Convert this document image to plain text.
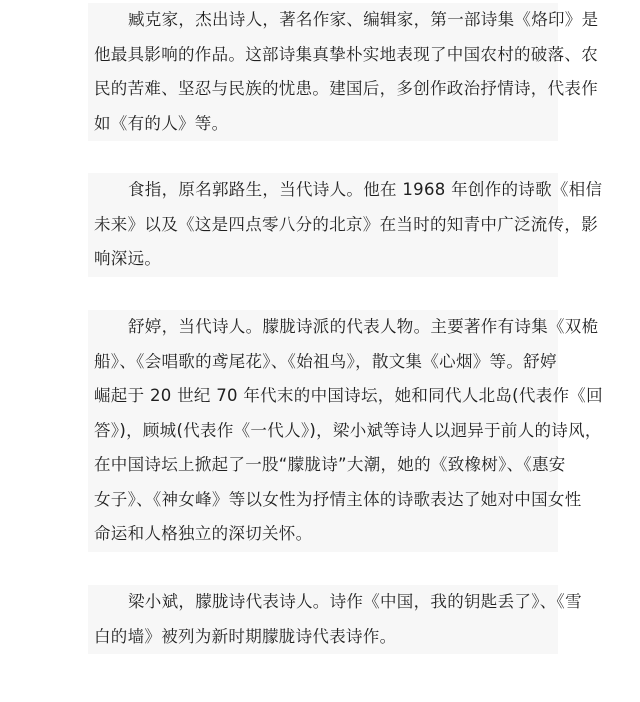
臧克家，杰出诗人，著名作家、编辑家，第一部诗集《烙印》是
他最具影响的作品。这部诗集真挚朴实地表现了中国农村的破落、农
民的苦难、坚忍与民族的忧患。建国后，多创作政治抒情诗，代表作
如《有的人》等。
食指，原名郭路生，当代诗人。他在 1968 年创作的诗歌《相信
未来》以及《这是四点零八分的北京》在当时的知青中广泛流传，影
响深远。
舒婷，当代诗人。朦胧诗派的代表人物。主要著作有诗集《双桅
船》、《会唱歌的鸢尾花》、《始祖鸟》，散文集《心烟》等。舒婷
崛起于 20 世纪 70 年代末的中国诗坛，她和同代人北岛(代表作《回
答》)，顾城(代表作《一代人》)，梁小斌等诗人以迥异于前人的诗风，
在中国诗坛上掀起了一股“朦胧诗”大潮，她的《致橡树》、《惠安
女子》、《神女峰》等以女性为抒情主体的诗歌表达了她对中国女性
命运和人格独立的深切关怀。
梁小斌，朦胧诗代表诗人。诗作《中国，我的钥匙丢了》、《雪
白的墙》被列为新时期朦胧诗代表诗作。
